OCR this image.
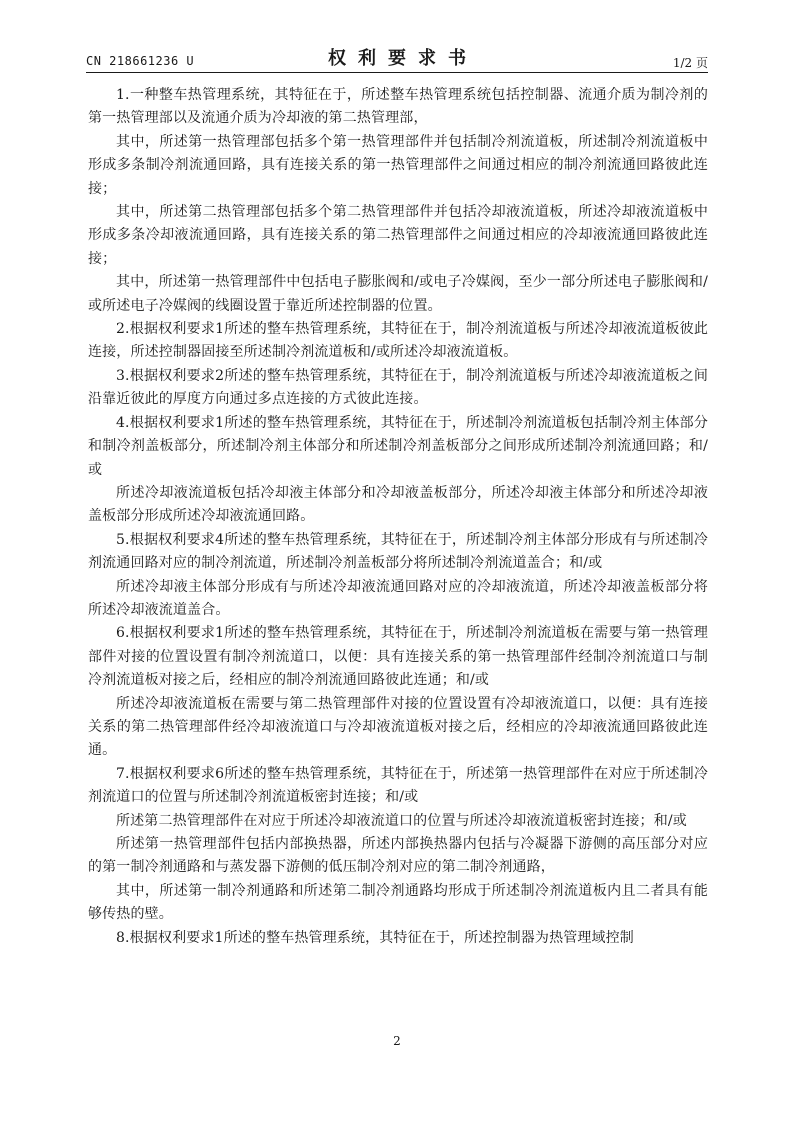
CN 218661236 U	权利要求书	1/2 页

1.一种整车热管理系统，其特征在于，所述整车热管理系统包括控制器、流通介质为制冷剂的第一热管理部以及流通介质为冷却液的第二热管理部，

其中，所述第一热管理部包括多个第一热管理部件并包括制冷剂流道板，所述制冷剂流道板中形成多条制冷剂流通回路，具有连接关系的第一热管理部件之间通过相应的制冷剂流通回路彼此连接；

其中，所述第二热管理部包括多个第二热管理部件并包括冷却液流道板，所述冷却液流道板中形成多条冷却液流通回路，具有连接关系的第二热管理部件之间通过相应的冷却液流通回路彼此连接；

其中，所述第一热管理部件中包括电子膨胀阀和/或电子冷媒阀，至少一部分所述电子膨胀阀和/或所述电子冷媒阀的线圈设置于靠近所述控制器的位置。

2.根据权利要求1所述的整车热管理系统，其特征在于，制冷剂流道板与所述冷却液流道板彼此连接，所述控制器固接至所述制冷剂流道板和/或所述冷却液流道板。

3.根据权利要求2所述的整车热管理系统，其特征在于，制冷剂流道板与所述冷却液流道板之间沿靠近彼此的厚度方向通过多点连接的方式彼此连接。

4.根据权利要求1所述的整车热管理系统，其特征在于，所述制冷剂流道板包括制冷剂主体部分和制冷剂盖板部分，所述制冷剂主体部分和所述制冷剂盖板部分之间形成所述制冷剂流通回路；和/或

所述冷却液流道板包括冷却液主体部分和冷却液盖板部分，所述冷却液主体部分和所述冷却液盖板部分形成所述冷却液流通回路。

5.根据权利要求4所述的整车热管理系统，其特征在于，所述制冷剂主体部分形成有与所述制冷剂流通回路对应的制冷剂流道，所述制冷剂盖板部分将所述制冷剂流道盖合；和/或

所述冷却液主体部分形成有与所述冷却液流通回路对应的冷却液流道，所述冷却液盖板部分将所述冷却液流道盖合。

6.根据权利要求1所述的整车热管理系统，其特征在于，所述制冷剂流道板在需要与第一热管理部件对接的位置设置有制冷剂流道口，以便：具有连接关系的第一热管理部件经制冷剂流道口与制冷剂流道板对接之后，经相应的制冷剂流通回路彼此连通；和/或

所述冷却液流道板在需要与第二热管理部件对接的位置设置有冷却液流道口，以便：具有连接关系的第二热管理部件经冷却液流道口与冷却液流道板对接之后，经相应的冷却液流通回路彼此连通。

7.根据权利要求6所述的整车热管理系统，其特征在于，所述第一热管理部件在对应于所述制冷剂流道口的位置与所述制冷剂流道板密封连接；和/或

所述第二热管理部件在对应于所述冷却液流道口的位置与所述冷却液流道板密封连接；和/或

所述第一热管理部件包括内部换热器，所述内部换热器内包括与冷凝器下游侧的高压部分对应的第一制冷剂通路和与蒸发器下游侧的低压制冷剂对应的第二制冷剂通路，

其中，所述第一制冷剂通路和所述第二制冷剂通路均形成于所述制冷剂流道板内且二者具有能够传热的壁。

8.根据权利要求1所述的整车热管理系统，其特征在于，所述控制器为热管理域控制

2
